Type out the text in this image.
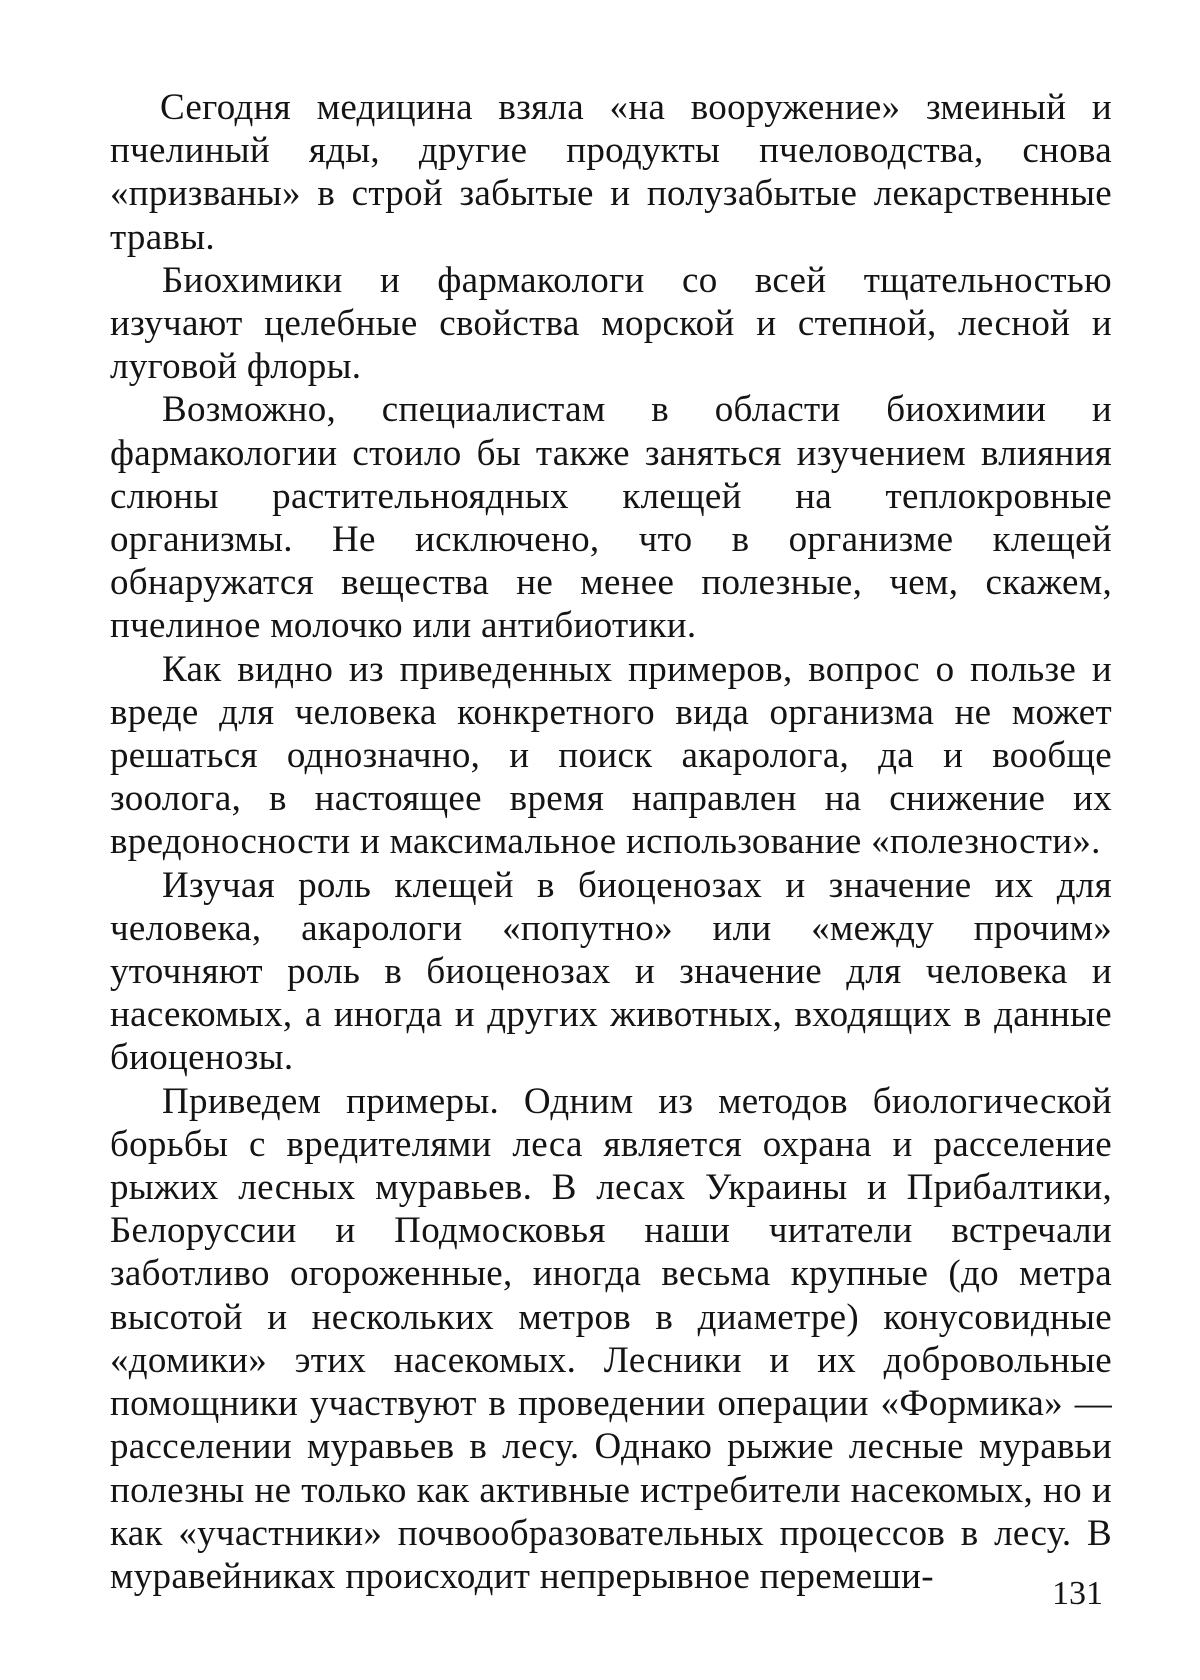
Сегодня медицина взяла «на вооружение» змеиный и пчелиный яды, другие продукты пчеловодства, снова «призваны» в строй забытые и полузабытые лекарственные травы.

Биохимики и фармакологи со всей тщательностью изучают целебные свойства морской и степной, лесной и луговой флоры.

Возможно, специалистам в области биохимии и фармакологии стоило бы также заняться изучением влияния слюны растительноядных клещей на теплокровные организмы. Не исключено, что в организме клещей обнаружатся вещества не менее полезные, чем, скажем, пчелиное молочко или антибиотики.

Как видно из приведенных примеров, вопрос о пользе и вреде для человека конкретного вида организма не может решаться однозначно, и поиск акаролога, да и вообще зоолога, в настоящее время направлен на снижение их вредоносности и максимальное использование «полезности».

Изучая роль клещей в биоценозах и значение их для человека, акарологи «попутно» или «между прочим» уточняют роль в биоценозах и значение для человека и насекомых, а иногда и других животных, входящих в данные биоценозы.

Приведем примеры. Одним из методов биологической борьбы с вредителями леса является охрана и расселение рыжих лесных муравьев. В лесах Украины и Прибалтики, Белоруссии и Подмосковья наши читатели встречали заботливо огороженные, иногда весьма крупные (до метра высотой и нескольких метров в диаметре) конусовидные «домики» этих насекомых. Лесники и их добровольные помощники участвуют в проведении операции «Формика» — расселении муравьев в лесу. Однако рыжие лесные муравьи полезны не только как активные истребители насекомых, но и как «участники» почвообразовательных процессов в лесу. В муравейниках происходит непрерывное перемеши-	131
